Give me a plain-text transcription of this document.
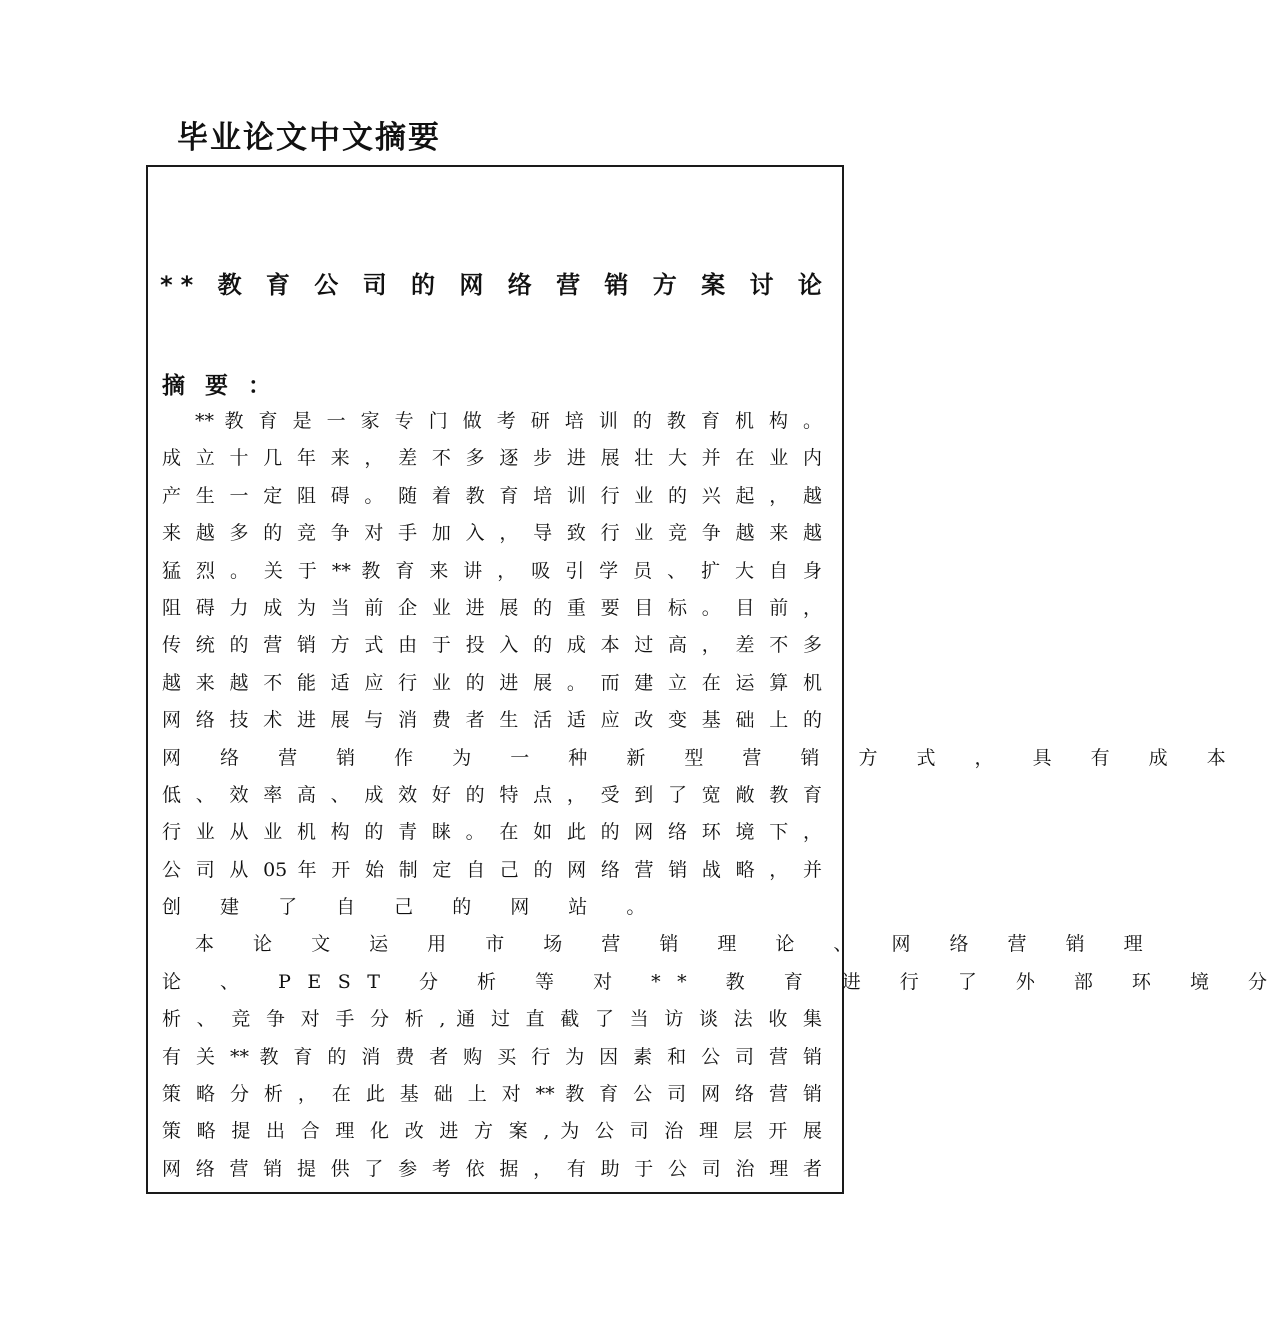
毕业论文中文摘要
** 教 育 公 司 的 网 络 营 销 方 案 讨 论
摘 要 ：
** 教 育 是 一 家 专 门 做 考 研 培 训 的 教 育 机 构 。
成 立 十 几 年 来 ， 差 不 多 逐 步 进 展 壮 大 并 在 业 内
产 生 一 定 阻 碍 。 随 着 教 育 培 训 行 业 的 兴 起 ， 越
来 越 多 的 竞 争 对 手 加 入 ， 导 致 行 业 竞 争 越 来 越
猛 烈 。 关 于 ** 教 育 来 讲 ， 吸 引 学 员 、 扩 大 自 身
阻 碍 力 成 为 当 前 企 业 进 展 的 重 要 目 标 。 目 前 ，
传 统 的 营 销 方 式 由 于 投 入 的 成 本 过 高 ， 差 不 多
越 来 越 不 能 适 应 行 业 的 进 展 。 而 建 立 在 运 算 机
网 络 技 术 进 展 与 消 费 者 生 活 适 应 改 变 基 础 上 的
网 络 营 销 作 为 一 种 新 型 营 销 方 式 ， 具 有 成 本
低 、 效 率 高 、 成 效 好 的 特 点 ， 受 到 了 宽 敞 教 育
行 业 从 业 机 构 的 青 睐 。 在 如 此 的 网 络 环 境 下 ，
公 司 从 05 年 开 始 制 定 自 己 的 网 络 营 销 战 略 ， 并
创 建 了 自 己 的 网 站 。
本 论 文 运 用 市 场 营 销 理 论 、 网 络 营 销 理
论 、 PEST 分 析 等 对 ** 教 育 进 行 了 外 部 环 境 分
析 、 竞 争 对 手 分 析 , 通 过 直 截 了 当 访 谈 法 收 集
有 关 ** 教 育 的 消 费 者 购 买 行 为 因 素 和 公 司 营 销
策 略 分 析 ， 在 此 基 础 上 对 ** 教 育 公 司 网 络 营 销
策 略 提 出 合 理 化 改 进 方 案 , 为 公 司 治 理 层 开 展
网 络 营 销 提 供 了 参 考 依 据 ， 有 助 于 公 司 治 理 者
